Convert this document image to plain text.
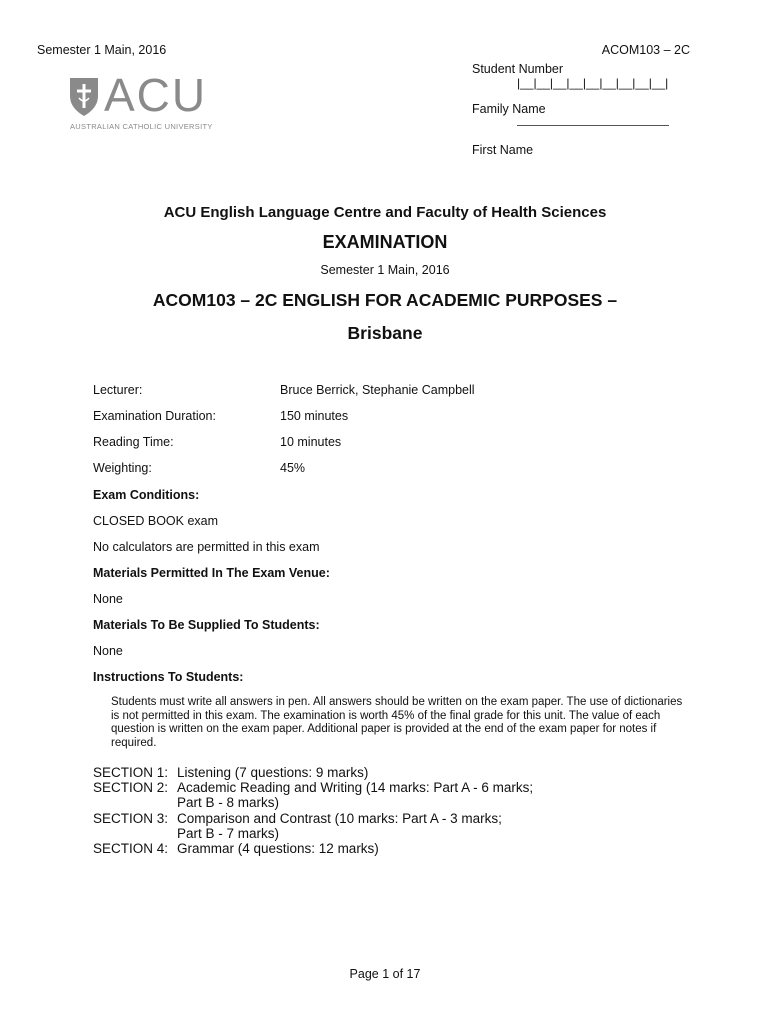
Semester 1 Main, 2016	ACOM103 – 2C
ACU
AUSTRALIAN CATHOLIC UNIVERSITY
Student Number
|__|__|__|__|__|__|__|__|__|
Family Name
First Name
ACU English Language Centre and Faculty of Health Sciences
EXAMINATION
Semester 1 Main, 2016
ACOM103 – 2C ENGLISH FOR ACADEMIC PURPOSES –
Brisbane
Lecturer:	Bruce Berrick, Stephanie Campbell
Examination Duration:	150 minutes
Reading Time:	10 minutes
Weighting:	45%
Exam Conditions:
CLOSED BOOK exam
No calculators are permitted in this exam
Materials Permitted In The Exam Venue:
None
Materials To Be Supplied To Students:
None
Instructions To Students:
Students must write all answers in pen. All answers should be written on the exam paper. The use of dictionaries is not permitted in this exam. The examination is worth 45% of the final grade for this unit. The value of each question is written on the exam paper. Additional paper is provided at the end of the exam paper for notes if required.
SECTION 1: Listening (7 questions: 9 marks)
SECTION 2: Academic Reading and Writing (14 marks: Part A - 6 marks;
Part B - 8 marks)
SECTION 3: Comparison and Contrast (10 marks: Part A - 3 marks;
Part B - 7 marks)
SECTION 4: Grammar (4 questions: 12 marks)
Page 1 of 17
